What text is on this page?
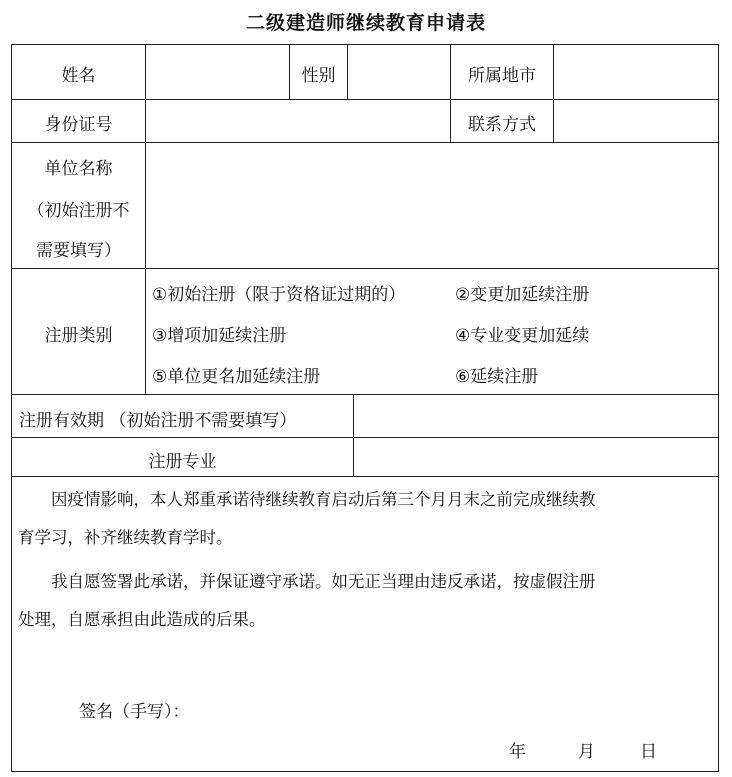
二级建造师继续教育申请表
姓名	性别	所属地市
身份证号	联系方式
单位名称
（初始注册不
需要填写）
注册类别
①初始注册（限于资格证过期的）	②变更加延续注册
③增项加延续注册	④专业变更加延续
⑤单位更名加延续注册	⑥延续注册
注册有效期 （初始注册不需要填写）
注册专业
因疫情影响，本人郑重承诺待继续教育启动后第三个月月末之前完成继续教
育学习，补齐继续教育学时。
我自愿签署此承诺，并保证遵守承诺。如无正当理由违反承诺，按虚假注册
处理，自愿承担由此造成的后果。
签名（手写）：
年	月	日
